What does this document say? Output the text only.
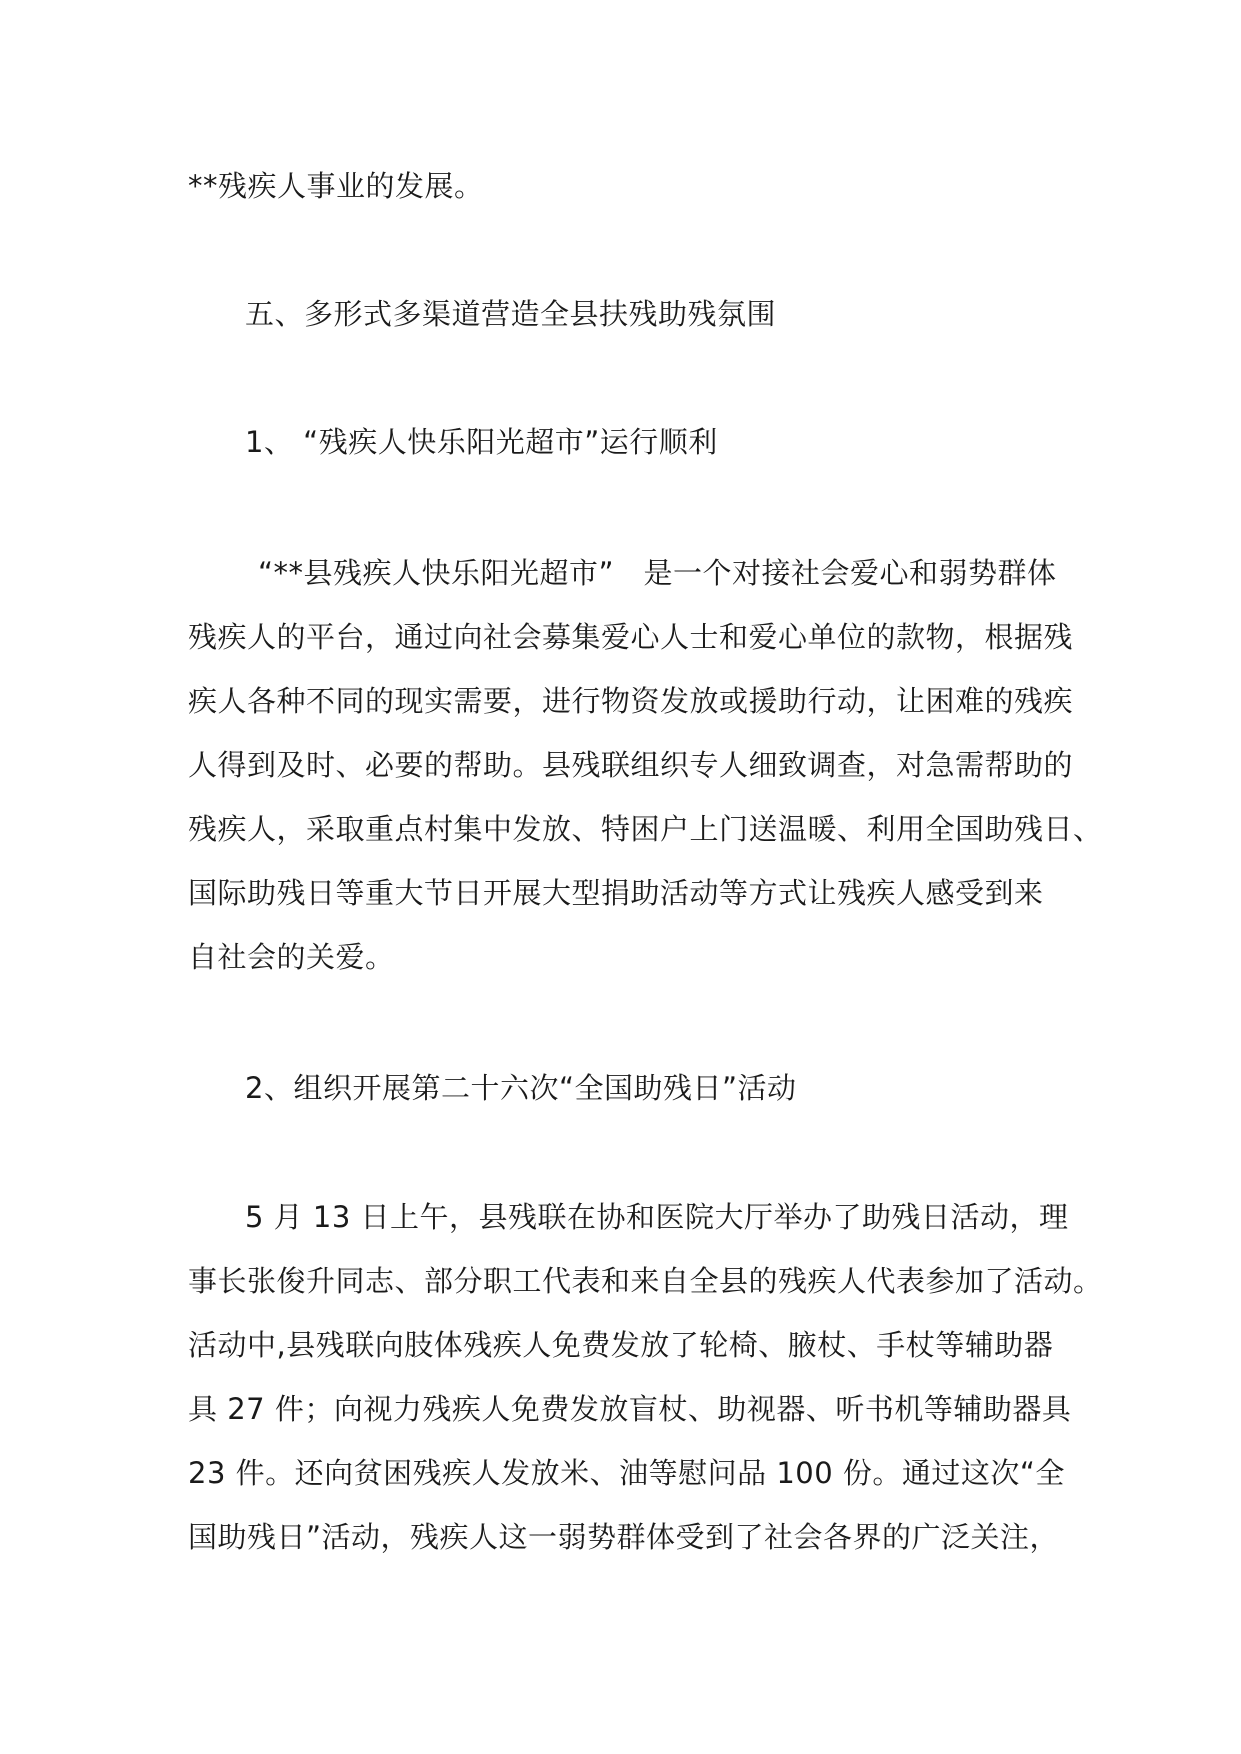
**残疾人事业的发展。
五、多形式多渠道营造全县扶残助残氛围
1、 “残疾人快乐阳光超市”运行顺利
“**县残疾人快乐阳光超市”　是一个对接社会爱心和弱势群体
残疾人的平台，通过向社会募集爱心人士和爱心单位的款物，根据残
疾人各种不同的现实需要，进行物资发放或援助行动，让困难的残疾
人得到及时、必要的帮助。县残联组织专人细致调查，对急需帮助的
残疾人，采取重点村集中发放、特困户上门送温暖、利用全国助残日、
国际助残日等重大节日开展大型捐助活动等方式让残疾人感受到来
自社会的关爱。
2、组织开展第二十六次“全国助残日”活动
5 月 13 日上午，县残联在协和医院大厅举办了助残日活动，理
事长张俊升同志、部分职工代表和来自全县的残疾人代表参加了活动。
活动中,县残联向肢体残疾人免费发放了轮椅、腋杖、手杖等辅助器
具 27 件；向视力残疾人免费发放盲杖、助视器、听书机等辅助器具
23 件。还向贫困残疾人发放米、油等慰问品 100 份。通过这次“全
国助残日”活动，残疾人这一弱势群体受到了社会各界的广泛关注，
